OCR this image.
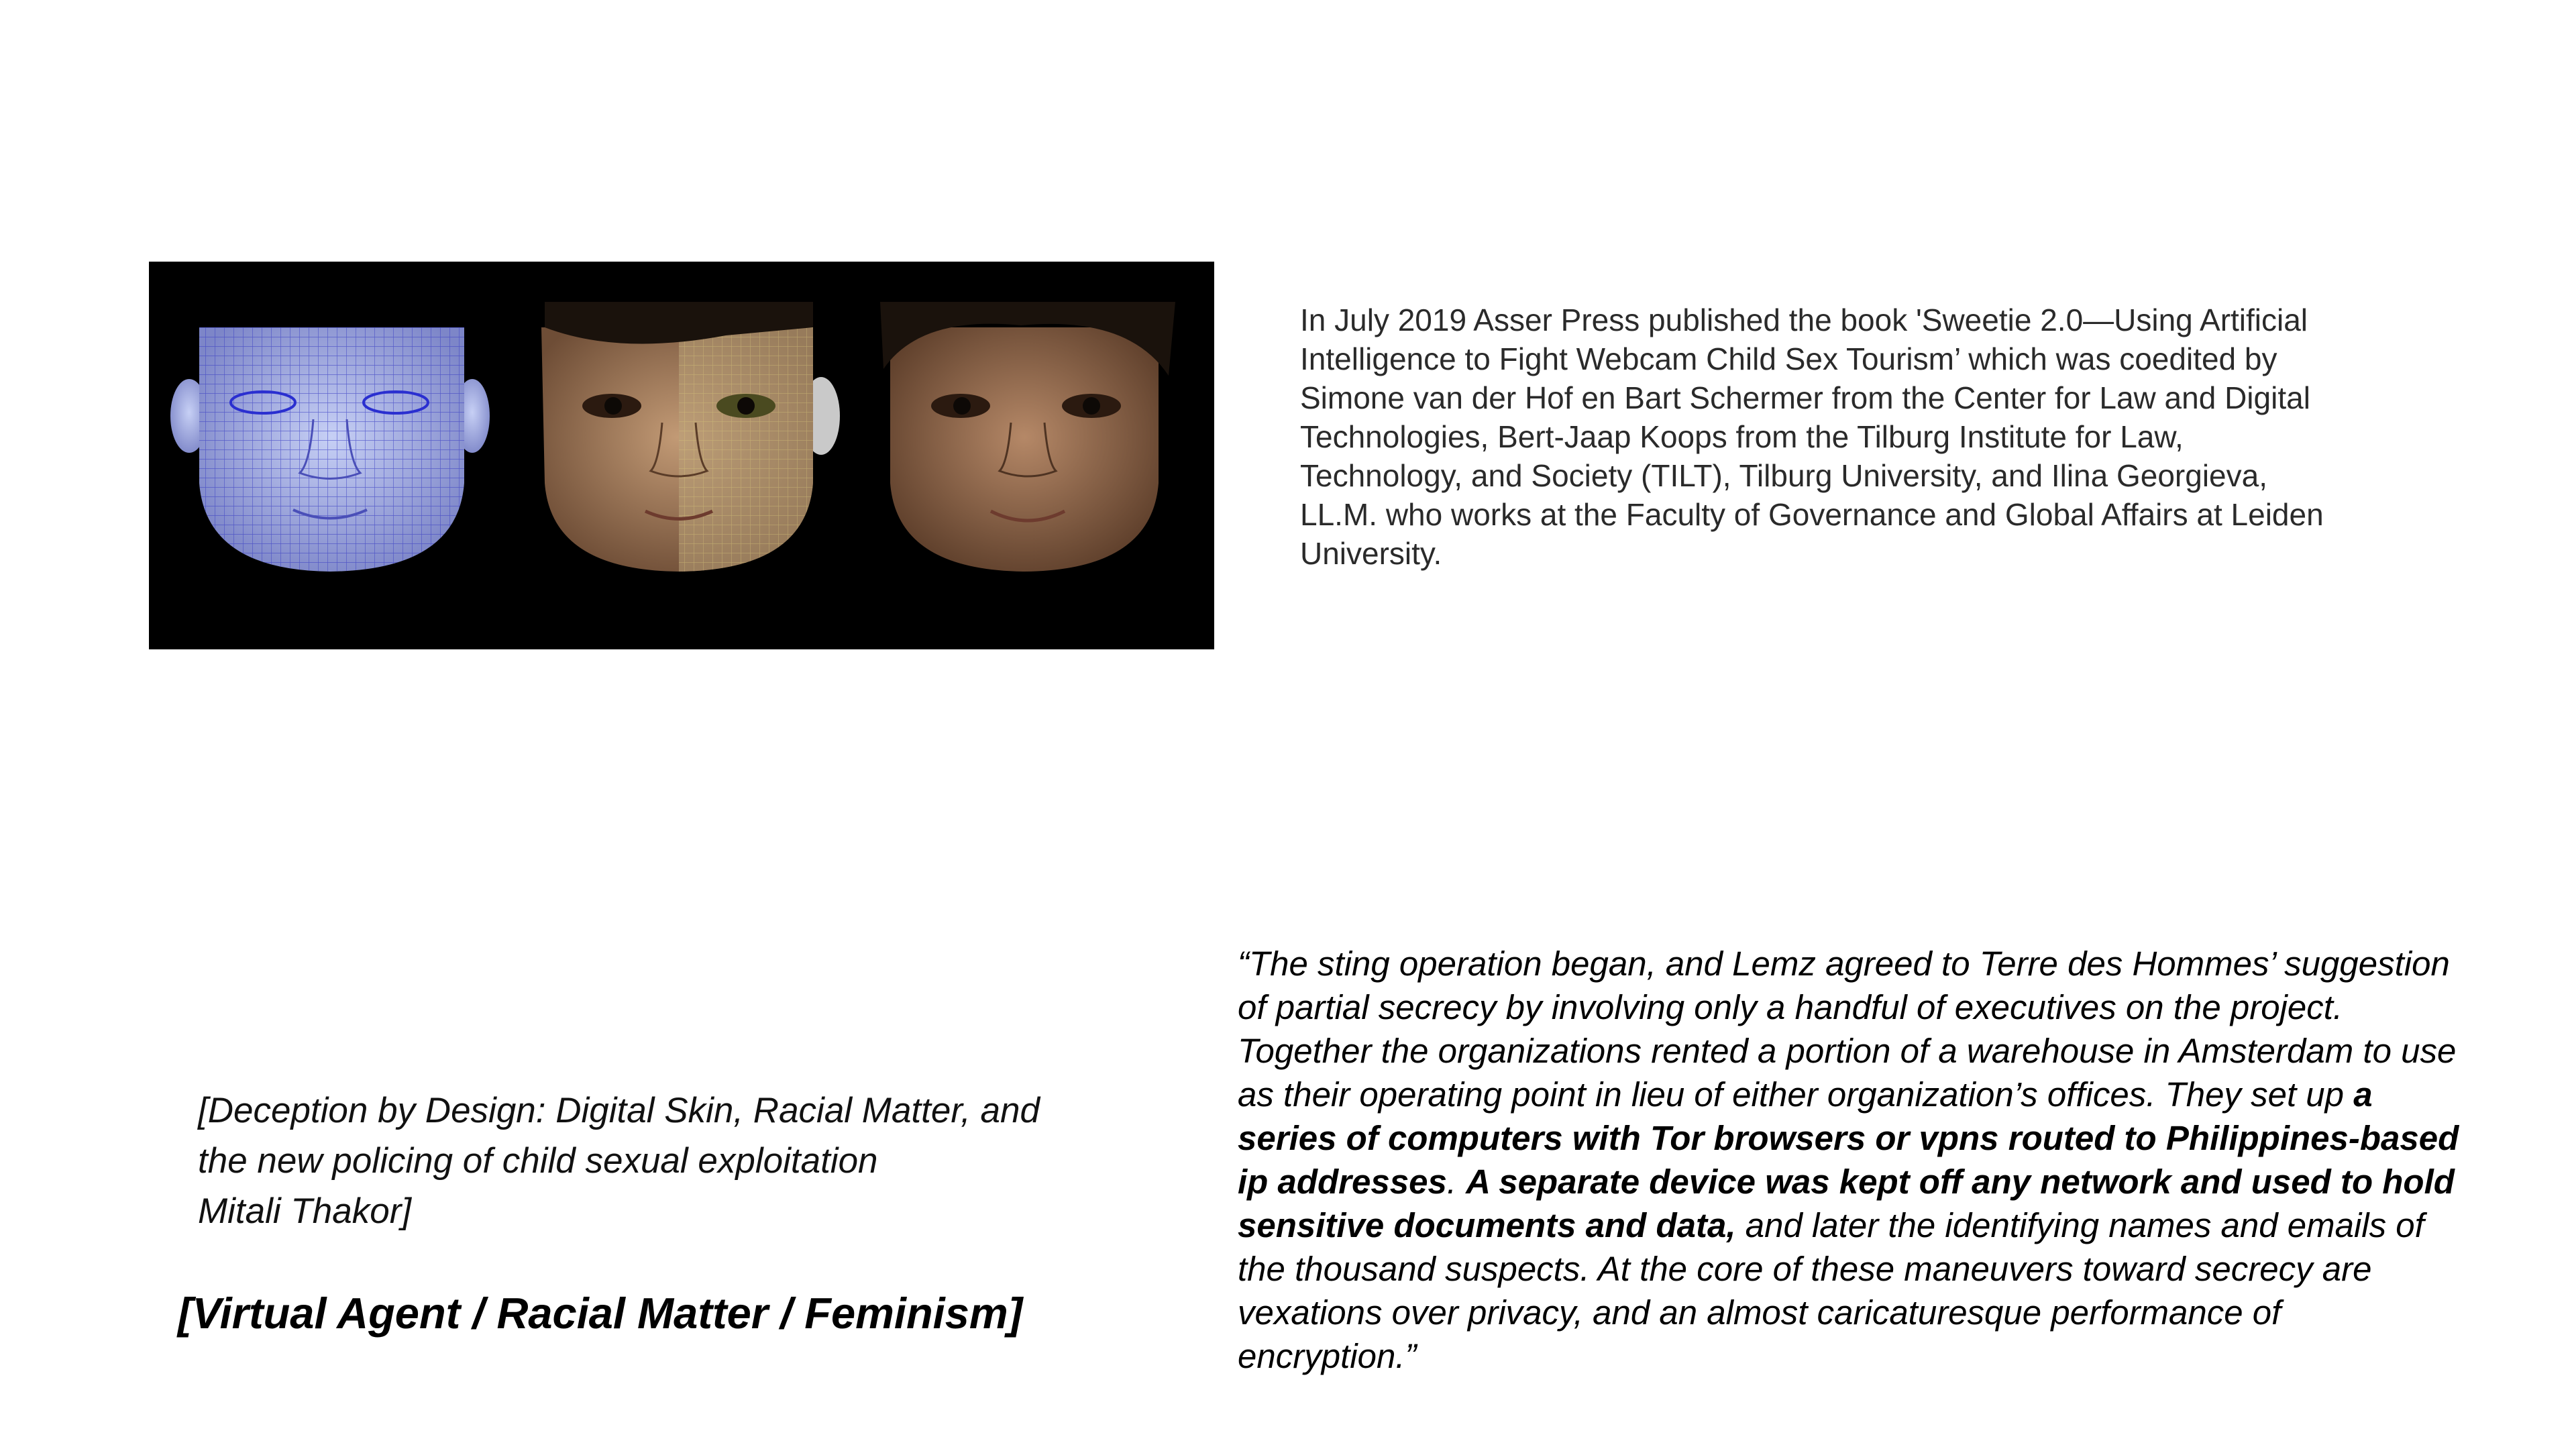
In July 2019 Asser Press published the book 'Sweetie 2.0—Using Artificial Intelligence to Fight Webcam Child Sex Tourism’ which was coedited by Simone van der Hof en Bart Schermer from the Center for Law and Digital Technologies, Bert-Jaap Koops from the Tilburg Institute for Law, Technology, and Society (TILT), Tilburg University, and Ilina Georgieva, LL.M. who works at the Faculty of Governance and Global Affairs at Leiden University.

[Deception by Design: Digital Skin, Racial Matter, and
the new policing of child sexual exploitation
Mitali Thakor]

[Virtual Agent / Racial Matter / Feminism]

“The sting operation began, and Lemz agreed to Terre des Hommes’ suggestion of partial secrecy by involving only a handful of executives on the project. Together the organizations rented a portion of a warehouse in Amsterdam to use as their operating point in lieu of either organization’s offices. They set up a series of computers with Tor browsers or vpns routed to Philippines-based ip addresses. A separate device was kept off any network and used to hold sensitive documents and data, and later the identifying names and emails of the thousand suspects. At the core of these maneuvers toward secrecy are vexations over privacy, and an almost caricaturesque performance of encryption.”
